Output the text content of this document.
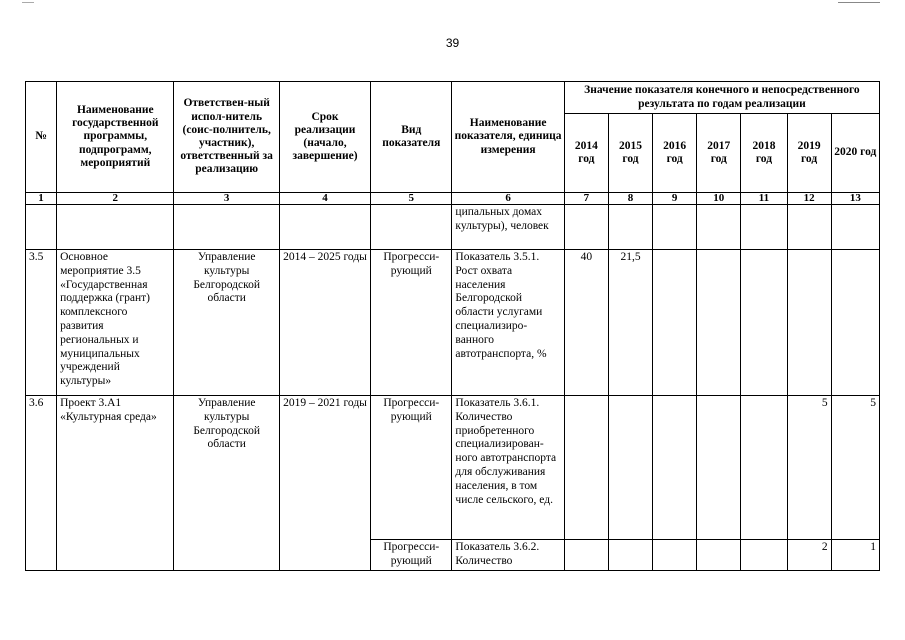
39
№	Наименование государственной программы, подпрограмм, мероприятий	Ответствен-ный испол-нитель (соис-полнитель, участник), ответственный за реализацию	Срок реализации (начало, завершение)	Вид показателя	Наименование показателя, единица измерения	Значение показателя конечного и непосредственного результата по годам реализации						
						2014 год	2015 год	2016 год	2017 год	2018 год	2019 год	2020 год
1	2	3	4	5	6	7	8	9	10	11	12	13
					ципальных домах культуры), человек							
3.5	Основное мероприятие 3.5 «Государственная поддержка (грант) комплексного развития региональных и муниципальных учреждений культуры»	Управление культуры Белгородской области	2014 – 2025 годы	Прогресси-рующий	Показатель 3.5.1. Рост охвата населения Белгородской области услугами специализиро-ванного автотранспорта, %	40	21,5					
3.6	Проект 3.А1 «Культурная среда»	Управление культуры Белгородской области	2019 – 2021 годы	Прогресси-рующий	Показатель 3.6.1. Количество приобретенного специализирован-ного автотранспорта для обслуживания населения, в том числе сельского, ед.						5	5
				Прогресси-рующий	Показатель 3.6.2. Количество						2	1
